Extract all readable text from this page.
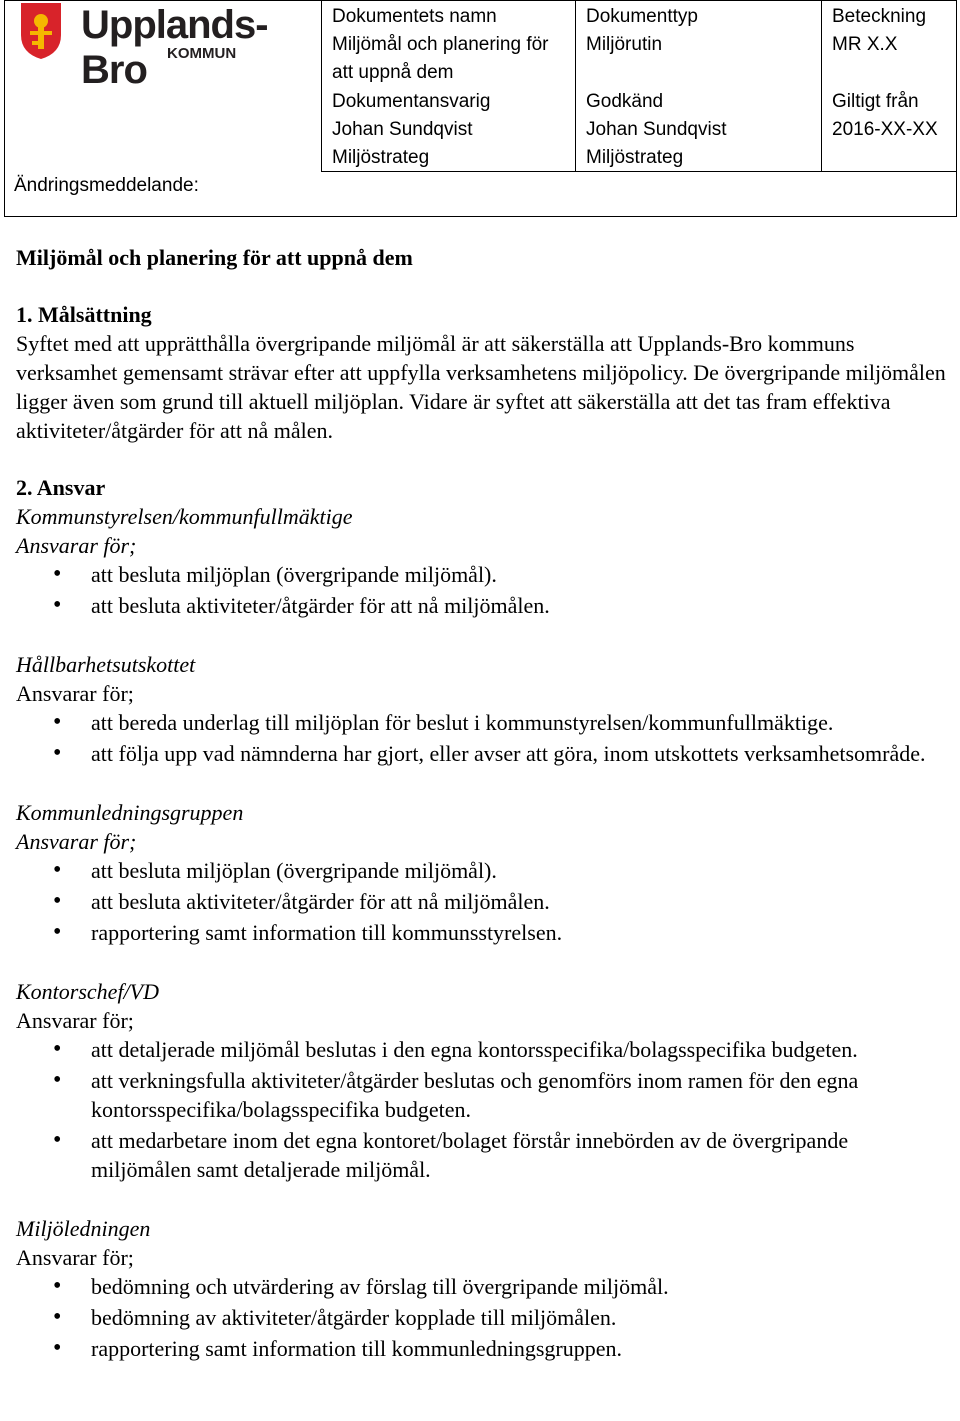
Upplands-Bro	KOMMUN
Ändringsmeddelande:
Dokumentets namn
Miljömål och planering för att uppnå dem
Dokumenttyp
Miljörutin
Beteckning
MR X.X
Dokumentansvarig
Johan Sundqvist
Miljöstrateg
Godkänd
Johan Sundqvist
Miljöstrateg
Giltigt från
2016-XX-XX
Miljömål och planering för att uppnå dem
1. Målsättning

Syftet med att upprätthålla övergripande miljömål är att säkerställa att Upplands-Bro kommuns verksamhet gemensamt strävar efter att uppfylla verksamhetens miljöpolicy. De övergripande miljömålen ligger även som grund till aktuell miljöplan. Vidare är syftet att säkerställa att det tas fram effektiva aktiviteter/åtgärder för att nå målen.

2. Ansvar

Kommunstyrelsen/kommunfullmäktige

Ansvarar för;

• att besluta miljöplan (övergripande miljömål).
• att besluta aktiviteter/åtgärder för att nå miljömålen.

Hållbarhetsutskottet

Ansvarar för;

• att bereda underlag till miljöplan för beslut i kommunstyrelsen/kommunfullmäktige.
• att följa upp vad nämnderna har gjort, eller avser att göra, inom utskottets verksamhetsområde.

Kommunledningsgruppen

Ansvarar för;

• att besluta miljöplan (övergripande miljömål).
• att besluta aktiviteter/åtgärder för att nå miljömålen.
• rapportering samt information till kommunsstyrelsen.

Kontorschef/VD

Ansvarar för;

• att detaljerade miljömål beslutas i den egna kontorsspecifika/bolagsspecifika budgeten.
• att verkningsfulla aktiviteter/åtgärder beslutas och genomförs inom ramen för den egna kontorsspecifika/bolagsspecifika budgeten.
• att medarbetare inom det egna kontoret/bolaget förstår innebörden av de övergripande miljömålen samt detaljerade miljömål.

Miljöledningen

Ansvarar för;

• bedömning och utvärdering av förslag till övergripande miljömål.
• bedömning av aktiviteter/åtgärder kopplade till miljömålen.
• rapportering samt information till kommunledningsgruppen.
